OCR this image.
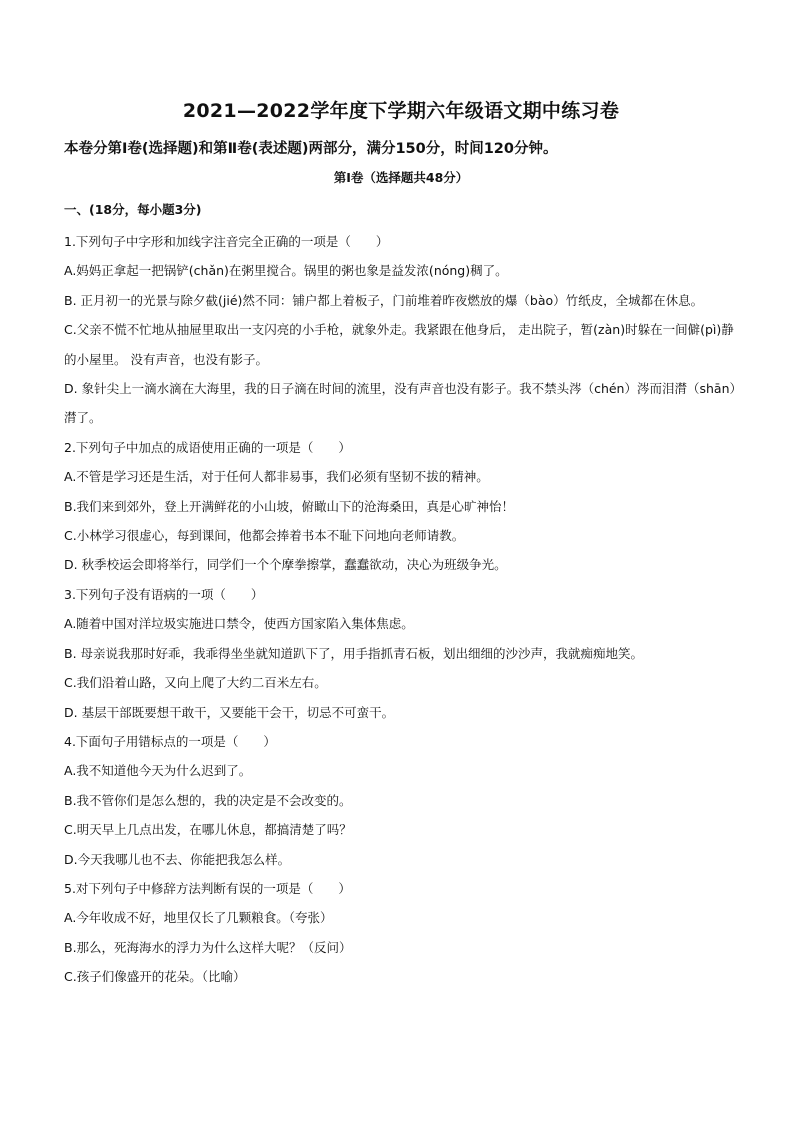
2021—2022学年度下学期六年级语文期中练习卷
本卷分第Ⅰ卷(选择题)和第Ⅱ卷(表述题)两部分，满分150分，时间120分钟。
第Ⅰ卷（选择题共48分）
一、(18分，每小题3分)
1.下列句子中字形和加线字注音完全正确的一项是（　　）
A.妈妈正拿起一把锅铲(chǎn)在粥里搅合。锅里的粥也象是益发浓(nóng)稠了。
B. 正月初一的光景与除夕截(jié)然不同：铺户都上着板子，门前堆着昨夜燃放的爆（bào）竹纸皮，全城都在休息。
C.父亲不慌不忙地从抽屉里取出一支闪亮的小手枪，就象外走。我紧跟在他身后， 走出院子，暂(zàn)时躲在一间僻(pì)静的小屋里。 没有声音，也没有影子。
D. 象针尖上一滴水滴在大海里，我的日子滴在时间的流里，没有声音也没有影子。我不禁头涔（chén）涔而泪潸（shān）潸了。
2.下列句子中加点的成语使用正确的一项是（　　）
A.不管是学习还是生活，对于任何人都非易事，我们必须有坚韧不拔的精神。
B.我们来到郊外，登上开满鲜花的小山坡，俯瞰山下的沧海桑田，真是心旷神怡！
C.小林学习很虚心，每到课间，他都会捧着书本不耻下问地向老师请教。
D. 秋季校运会即将举行，同学们一个个摩拳擦掌，蠢蠢欲动，决心为班级争光。
3.下列句子没有语病的一项（　　）
A.随着中国对洋垃圾实施进口禁令，使西方国家陷入集体焦虑。
B. 母亲说我那时好乖，我乖得坐坐就知道趴下了，用手指抓青石板，划出细细的沙沙声，我就痴痴地笑。
C.我们沿着山路，又向上爬了大约二百米左右。
D. 基层干部既要想干敢干，又要能干会干，切忌不可蛮干。
4.下面句子用错标点的一项是（　　）
A.我不知道他今天为什么迟到了。
B.我不管你们是怎么想的，我的决定是不会改变的。
C.明天早上几点出发，在哪儿休息，都搞清楚了吗？
D.今天我哪儿也不去、你能把我怎么样。
5.对下列句子中修辞方法判断有误的一项是（　　）
A.今年收成不好，地里仅长了几颗粮食。（夸张）
B.那么，死海海水的浮力为什么这样大呢？（反问）
C.孩子们像盛开的花朵。（比喻）
